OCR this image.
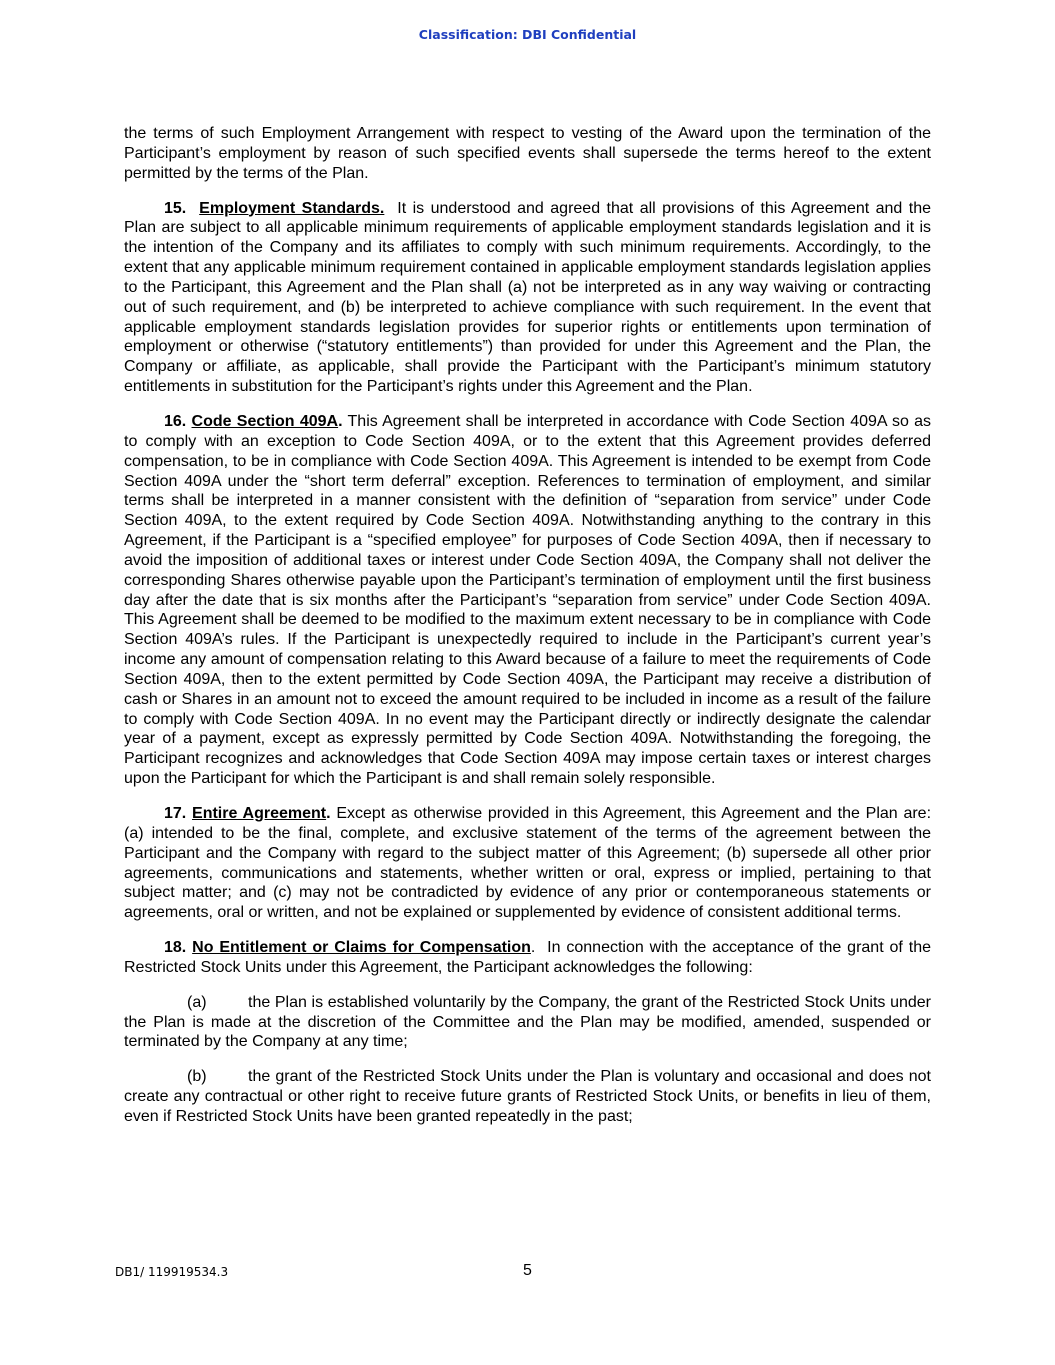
Classification: DBI Confidential

the terms of such Employment Arrangement with respect to vesting of the Award upon the termination of the Participant’s employment by reason of such specified events shall supersede the terms hereof to the extent permitted by the terms of the Plan.

15. Employment Standards. It is understood and agreed that all provisions of this Agreement and the Plan are subject to all applicable minimum requirements of applicable employment standards legislation and it is the intention of the Company and its affiliates to comply with such minimum requirements. Accordingly, to the extent that any applicable minimum requirement contained in applicable employment standards legislation applies to the Participant, this Agreement and the Plan shall (a) not be interpreted as in any way waiving or contracting out of such requirement, and (b) be interpreted to achieve compliance with such requirement. In the event that applicable employment standards legislation provides for superior rights or entitlements upon termination of employment or otherwise (“statutory entitlements”) than provided for under this Agreement and the Plan, the Company or affiliate, as applicable, shall provide the Participant with the Participant’s minimum statutory entitlements in substitution for the Participant’s rights under this Agreement and the Plan.

16. Code Section 409A. This Agreement shall be interpreted in accordance with Code Section 409A so as to comply with an exception to Code Section 409A, or to the extent that this Agreement provides deferred compensation, to be in compliance with Code Section 409A. This Agreement is intended to be exempt from Code Section 409A under the “short term deferral” exception. References to termination of employment, and similar terms shall be interpreted in a manner consistent with the definition of “separation from service” under Code Section 409A, to the extent required by Code Section 409A. Notwithstanding anything to the contrary in this Agreement, if the Participant is a “specified employee” for purposes of Code Section 409A, then if necessary to avoid the imposition of additional taxes or interest under Code Section 409A, the Company shall not deliver the corresponding Shares otherwise payable upon the Participant’s termination of employment until the first business day after the date that is six months after the Participant’s “separation from service” under Code Section 409A. This Agreement shall be deemed to be modified to the maximum extent necessary to be in compliance with Code Section 409A’s rules. If the Participant is unexpectedly required to include in the Participant’s current year’s income any amount of compensation relating to this Award because of a failure to meet the requirements of Code Section 409A, then to the extent permitted by Code Section 409A, the Participant may receive a distribution of cash or Shares in an amount not to exceed the amount required to be included in income as a result of the failure to comply with Code Section 409A. In no event may the Participant directly or indirectly designate the calendar year of a payment, except as expressly permitted by Code Section 409A. Notwithstanding the foregoing, the Participant recognizes and acknowledges that Code Section 409A may impose certain taxes or interest charges upon the Participant for which the Participant is and shall remain solely responsible.

17. Entire Agreement. Except as otherwise provided in this Agreement, this Agreement and the Plan are: (a) intended to be the final, complete, and exclusive statement of the terms of the agreement between the Participant and the Company with regard to the subject matter of this Agreement; (b) supersede all other prior agreements, communications and statements, whether written or oral, express or implied, pertaining to that subject matter; and (c) may not be contradicted by evidence of any prior or contemporaneous statements or agreements, oral or written, and not be explained or supplemented by evidence of consistent additional terms.

18. No Entitlement or Claims for Compensation. In connection with the acceptance of the grant of the Restricted Stock Units under this Agreement, the Participant acknowledges the following:

(a)	the Plan is established voluntarily by the Company, the grant of the Restricted Stock Units under the Plan is made at the discretion of the Committee and the Plan may be modified, amended, suspended or terminated by the Company at any time;

(b)	the grant of the Restricted Stock Units under the Plan is voluntary and occasional and does not create any contractual or other right to receive future grants of Restricted Stock Units, or benefits in lieu of them, even if Restricted Stock Units have been granted repeatedly in the past;

DB1/ 119919534.3	5
